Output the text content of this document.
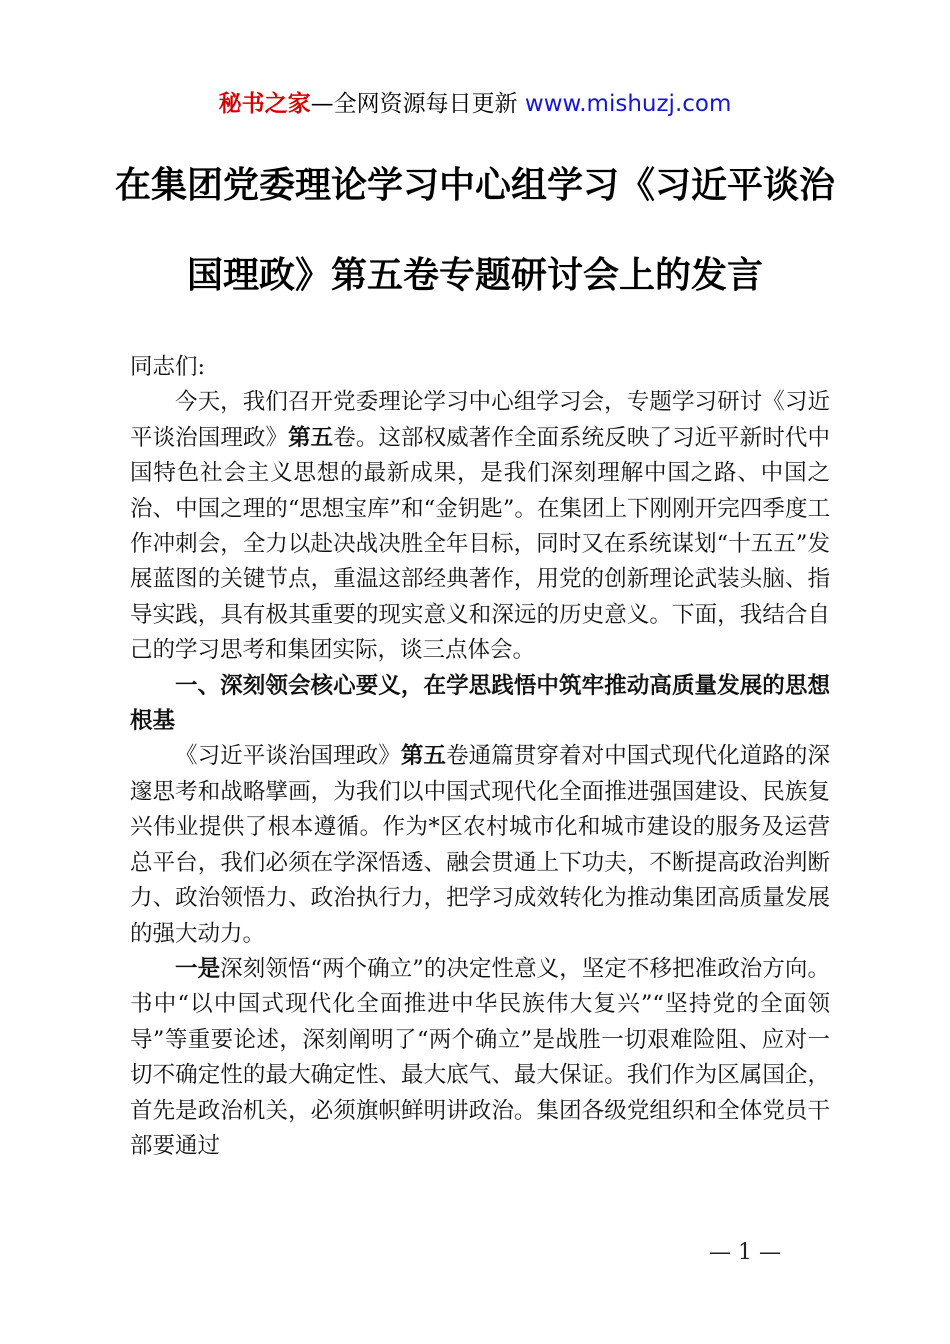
秘书之家—全网资源每日更新 www.mishuzj.com
在集团党委理论学习中心组学习《习近平谈治
国理政》第五卷专题研讨会上的发言

同志们:

今天，我们召开党委理论学习中心组学习会，专题学习研讨《习近平谈治国理政》第五卷。这部权威著作全面系统反映了习近平新时代中国特色社会主义思想的最新成果，是我们深刻理解中国之路、中国之治、中国之理的“思想宝库”和“金钥匙”。在集团上下刚刚开完四季度工作冲刺会，全力以赴决战决胜全年目标，同时又在系统谋划“十五五”发展蓝图的关键节点，重温这部经典著作，用党的创新理论武装头脑、指导实践，具有极其重要的现实意义和深远的历史意义。下面，我结合自己的学习思考和集团实际，谈三点体会。

一、深刻领会核心要义，在学思践悟中筑牢推动高质量发展的思想根基

《习近平谈治国理政》第五卷通篇贯穿着对中国式现代化道路的深邃思考和战略擘画，为我们以中国式现代化全面推进强国建设、民族复兴伟业提供了根本遵循。作为*区农村城市化和城市建设的服务及运营总平台，我们必须在学深悟透、融会贯通上下功夫，不断提高政治判断力、政治领悟力、政治执行力，把学习成效转化为推动集团高质量发展的强大动力。

一是深刻领悟“两个确立”的决定性意义，坚定不移把准政治方向。书中“以中国式现代化全面推进中华民族伟大复兴”“坚持党的全面领导”等重要论述，深刻阐明了“两个确立”是战胜一切艰难险阻、应对一切不确定性的最大确定性、最大底气、最大保证。我们作为区属国企，首先是政治机关，必须旗帜鲜明讲政治。集团各级党组织和全体党员干部要通过

— 1 —
